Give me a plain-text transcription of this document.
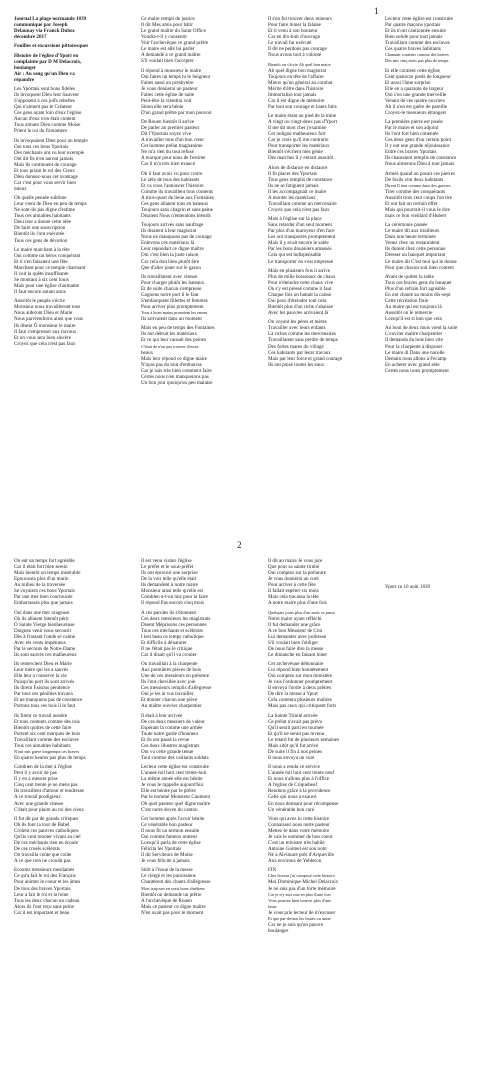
1
Journal La plage normande 1839
communiqué par Joseph
Delaunay via Franck Duboc
décembre 2017
Fouilles et excursions pittoresques
Histoire de l'église d'Yport en
complainte par D M Delacroix,
boulanger
Air : Au sang qu'un Dieu va
répandre
Les Yportais sont bons fidèles
Ils invoquent Dieu leur Sauveur
S'opposent à ces juifs rebelles
Qui n'aiment pas le Créateur
Ces gens ayant loin d'eux l'église
Aucun d'eux n'en était content
Tous aimant Dieu comme Moïse
Prient le roi du firmament
Ils invoquaient Dieu pour un temple
Oui tous ces bons Yportais
Des méchants ont vu leur exemple
Ont dit Ils n'en auront jamais
Mais ils continuent de courage
Et tous priant le roi des Cieux
Dieu donnez-nous cet avantage
Car c'est pour vous servir bien
mieux
Oh quelle pensée sublime
Leur vient de Dieu en peu de temps
Ne sont-ils pas digne d'estime
Tous ces aimables habitants
Dieu leur a donné cette idée
De faire une souscription
Bientôt ils l'ont exécutée
Tous ces gens de dévotion
Le maire marchant à la tête
Oui comme un héros conquérant
Et il s'en faisaient une fête
Marchant pour ce temple charmant
Il voit la quête insuffisante
Se montant à six cent louis
Mais pour une église charmante
Il faut encore autant amis
Aussitôt le peuple s'écrie
Monsieur nous travailleront tous
Nous aideront Dieu et Marie
Nous parviendrons ainsi que vous
Ils disent Ô monsieur le maire
Il faut s'empresser aux travaux
Et on vous sera bien sincère
Croyez que cela n'est pas faux
Ce maire rempli de justice
Il dit Mes amis pour bâtir
Le grand maître du Saint Office
Voudra-t-il y consentir
Voir l'archevêque ce grand prêtre
Le maire est allé lui parler
A demandé à ce grand maître
S'il voulait bien l'accepter
Il répond à monsieur le maire
Oui faites un temps tu le Seigneur
Faites aussi un presbytère
Je vous donnerai un pasteur
Faites cette église de suite
Peut-être la viendrai voir
Sinon elle sera bénie
D'un grand prêtre par mon pouvoir
De Rouen bientôt il arrive
De parler au premier pasteur
Dit l'Yportais soyez vive
A travailler tous d'un bon cœur
Cet homme prélat magnanime
Ne m'a rien du tout refusé
A marqué pour nous de l'estime
Car il m'a très bien exaucé
Oh il faut avoir vu pour croire
Le zèle de tous des habitants
Et va vous l'annoncer l'histoire
Comme ils travaillent tous contents
A trois-quart de lieue aux Fontaines
Ces gens allaient tous en bateaux
Toujours sans chagrin et sans peine
Disaient Nous n'entendons bientôt
Toujours arrivés sans naufrage
Ils disaient à leur magistrat
Nous ne manquons pas de courage
Enlevons ces matériaux là
Leur répondait ce digne maître
Oui c'est bien la juste raison
Car cela doit bien plutôt être
Que d'aller jouer sur le gazon
Ils travaillaient avec vitesse
Pour charger plutôt les bateaux
Et de suite chacun s'empresse
Gagnons notre port il le faut
S'embarquent fillettes et femmes
Pour arriver plus promptement
Tous à leurs mains prenaient les rames
Ils arrivaient dans un moment
Mais en peu de temps des Fontaines
Ils ont détruit les matériaux
Et ce qui leur causait des peines
C'était de n'en pas trouver d'assez
beaux
Mais leur répond ce digne maire
N'ayas pas du tout d'embarras
Car je sais très bien comment faire
Certes nous n'en manquerons pas
Un bon jour quoiqu'un peu malaise
Il s'en fut trouver deux mineurs
Pour faire miner la falaise
Et il venu à son honneur
Car en dix-huit d'ouvrage
Le travail fut exécuté
Il dit ne perdons pas courage
Nous avons tout à volonté
Bientôt on s'écrie Ah quel bon maire
Ah quel digne bon magistrat
Toujours en tête de l'affaire
Mieux qu'un général au combat
Mérite d'être dans l'histoire
Immortalisé tout jamais
Car il est digne de mémoire
Par tout son courage et hauts faits
Le maire étant au pied de la mine
A vingt ou vingt-deux pas d'Yport
Il me dit mon cher j'examine
Cet indigne malheureux fort
Car je crois qu'il me contrarie
Pour transporter les matériaux
Bientôt s'écrient mes génie
Des marches il y entrait aussitôt
Alors de distance en distance
Il fit placer des Yportais
Tous gens remplis de constance
Ils ne se fatiguent jamais
Il les accompagnait ce maire
A monter les matériaux
Travaillant comme un mercenaire
Croyez que cela n'est pas faux
Mais à l'église sur la place
Sans retarder d'un seul moment
Par plus d'un maroyeur d'en face
Les ont transportés promptement
Mais il y avait encore le sable
Par les bons douaniers amassés
Cela qui est indispensable
Le transporter on s'est empressé
Mais en plusieurs fois il arrive
Plus de mille boisseaux de chaux
Pour n'éteindre cette chaux vive
On s'y est pressé comme il faut
Chaque fois on battait la caisse
Oui pour d'éteindre tout cela
Bientôt plus d'un riche s'abaisse
Avec les pauvres arrivaient là
On voyant les pères et mères
Travailler avec leurs enfants
Là riches comme les mercenaires
Travaillaient sans perdre de temps
Des fortes mares du village
Ces habitants par leurs travaux
Mais par leur force et grand courage
Ils ont puisé toutes les eaux
Lecteur cette église est construite
Par quatre maçons yportais
Et ils n'ont cautionnée ensuite
Bien solide pour tout jamais
Travaillant comme des esclaves
Ces quatre braves habitants
Chantant contents comme des braves
Dès mis cinq mois pas plus de temps
Et elle contient cette église
Cent quatorze pieds de longueur
Et aussi l'âme surprise
Elle en a quarante de largeur
Oui c'en une grande merveille
Venant de ces quatre ouvriers
Ah il n'en est guère de pareille
Croyez-le messieurs étrangers
La première pierre est posée
Par le maire et son adjoint
Ils l'ont fort bien cimentée
Ces deux gens d'un certain point
Il y eut une grande réjouissance
Entre ces braves Yportais
Ils chantaient remplis de constance
Nous aimerons Dieu à tout jamais
Armés quand on posait ces pierres
De fusils vint deux habitants
Dirent Il faut comme dans des guerres
Tirer comme des conquérants
Aussitôt trois cent coups l'on tire
Et ont fait un certain effet
Mais qui pourrait-il vous le dire
mais ce bon vieillard d'Hubert
La cérémonie passée
Le maire dit aux tirailleurs
Dans une heure terminée
Venez chez un restaurateur
Ils durent chez cette personne
Dresser un banquet important
Le maire dit C'est moi qui le donne
Pour que chacun soit bien content
Avant de quitter la table
Tous ces braves gens du banquet
Plus d'un refrain fort agréable
En ont chanté au moins dix-sept
Cette récréation finie
Au maire qui est toujours là
Aussitôt on le remercie
Lorsqu'il est si bon que cela
Au bout de deux mois vient la suite
L'ouvrier maître charpentier
Il demanda du bois bien vite
Pour la charpente à disposer
Le maire di Dans une nacelle
Demain nous allons à Fécamp
En acheter avec grand zèle
Certes nous irons promptement
2
On eut un temps fort agréable
Car il était fort bien serein
Mais bientôt un temps misérable
Epouvanta plus d'un marin
Au milieu de la traversée
Se voyaient ces bons Yportais
Par une mer bien courroucée
Embarrassés plus que jamais
Oui dans une mer orageuse
Où ils allaient bientôt périr
O Sainte Vierge bienheureuse
Daignez venir nous secourir
Dès à l'instant l'onde se calme
Avec els vents impétueux
Par le secours de Notre-Dame
Ils sont sauvés ces malheureux
Ils remercient Dieu et Marie
Leur mère qui les a sauvés
Elle leur a conservé la vie
Puisqu'au port ils sont arrivés
Ils dirent Faisons pénitence
Par tous ces pénibles travaux
Et ne manquons pas de constance
Portons tous ces bois il le faut
Ils firent ce travail austère
Et tous contents comme des rois
Bientôt quittes de cette faire
Portent six cent marques de bois
Travaillant comme des esclaves
Tous ces aimables habitants
N'ont mis guère longtemps ces braves
En quatre heures pas plus de temps
Combien de la mer à l'église
Peut il y avoir de pas
Il y en a mesure prise
Cinq cent trente je ne mens pas
Ils travaillent d'amour et tendresse
A ce travail prodigieux
Avec une grande vitesse
C'était pour plaire au roi des cieux
Il fut dit par de grands critiques
Oh ils font la tour de Babel
Croient ces pauvres catholiques
Qu'ils vont monter vivant au ciel
De ces méchants rien en écoute
De ces cruels scélérats
On travailla coûte que coûte
A ce que rien ne croulât pas
Ecoutez messieurs mesdames
Ce qu'a fait le roi des Français
Pour animer le coeur et les âmes
De tous des braves Yportais
Leur a fait le roi et la reine
Tous les deux chacun un cadeau
Alors ils l'ont reçu sans peine
Car il est important et beau
Il est venu visiter l'église
Le préfet et le sous-préfet
Ils ont éprouvé une surprise
De la voir telle qu'elle était
Ils demandent à notre maire
Monsieur ainsi telle qu'elle est
Combien a-t-on mis pour la faire
Il répond Pas encore cinq mois
A ces paroles ils s'étonnent
Ces deux messieurs les magistrats
Disent Méprisons ces personnes
Tous ces méchants et scélérats
I lest beau ce temps catholique
Et difficile à dénaturer
Il ne l'était pas le critique
Car il disait qu'il va crouler
On travaillait à la charpente
Aux premières pièces de bois
Une de ces messieurs en présente
Ils l'ont chevillée avec joie
Ces messieurs remplis d'allégresse
Oui je les ai vus travailler
Et donner chacun une pièce
Au maître ouvrier charpentier
Il était à leur arrivée
De ces deux messiers de valeur
Espérant la comme une armée
Toute notre garde d'honneur
Et ils ont passé la revue
Ces deux illustres magistrats
Ont vu cette grande tenue
Tout comme des vaillants soldats
Lecteur cette église est construite
L'année mil huit cent trente-huit
La même année elle est bénite
Je vous le rappelle aujourd'hui
Elle est bénite par le prêtre
Par le nommé Monsieur Caumont
Oh quel pasteur quel digne maître
C'est notre doyen du canton
Cet homme après l'avoir bénite
Ce vénérable bon pasteur
Il nous fit un sermon ensuite
Oui comme fameux orateur
Lorsqu'il parla de cette église
Félicita les Yportais
Il dit Serviteurs de Moïse
Je vous félicite à jamais
Sitôt à l'issue de la messe
Le clergé et les paroissiens
Chantèrent des chants d'allégresse
Mais toujours en vrais bons chrétiens
Bientôt on demande un prêtre
A l'archevêque de Rouen
Mais ce pasteur ce digne maître
N'en avait pas pour le moment
Il dit au maire Je vous jure
Que pour sa sainte trinité
Oui comptez sur la prélature
Je vous donnerai un curé
Pour arriver à cette fête
Il fallait espérer six mois
Mais cela tracassa la tête
A notre maire plus d'une fois
Quelques jours plus d'un mois se passe
Notre maire ayant réfléchi
Il fut demander une grâce
A ce bon Messieur de Croi
Lui demander avec politesse
S'il voulait bien l'obliger
De nous faire dire la messe
Le dimanche en faisant biner
Cet archevêque débonnaire
Lui répond bien honnêtement
Oui comptez sur mon ministère
Je vais l'ordonner promptement
Il envoya l'ordre à deux prêtres
De dire la messe à Yport
Cela contenta plusieurs maîtres
Mais pas ceux qui critiquent forts
La Sainte Trinité arrivée
Ce prélat n'avait pas prévu
Qu'il serait parti en tournée
Et qu'il ne serait pas revenu
Le retard fut de plusieurs semaines
Mais sitôt qu'il fut arrivé
De suite il fin à nos peines
Il nous envoya un curé
Il nous a rendu ce service
L'année mil huit cent trente neuf
Et nous n'allons plus à l'office
A l'église de Criquebeuf
Rendons grâce à la providence
Celle qui nous a exaucé
En nous donnant pour récompense
Un vénérable bon curé
Vous qui avez lu cette histoire
Connaissez nous notre pasteur
Mettez-le dans votre mémoire
Je vais le nommer de bon coeur
C'est un ministre très habile
Antoine Guimel est son nom
Né à Alvimare près d'Arqueville
Aux environs de Yebleron
FIN
Cher lecteur j'ai composé cette histoire
Moi Dominique-Michel Delacroix
Je ne suis pas d'un forte mémoire
Car je n'y suis mis en plus d'une fois
Vous pourrez bien trouver plus d'une
faute
Je vous prie lecteur de m'excuser
Et que par-dessus les fautes ou saute
Car ne je suis qu'un pauvre
boulanger
Yport ce 10 août 1839
